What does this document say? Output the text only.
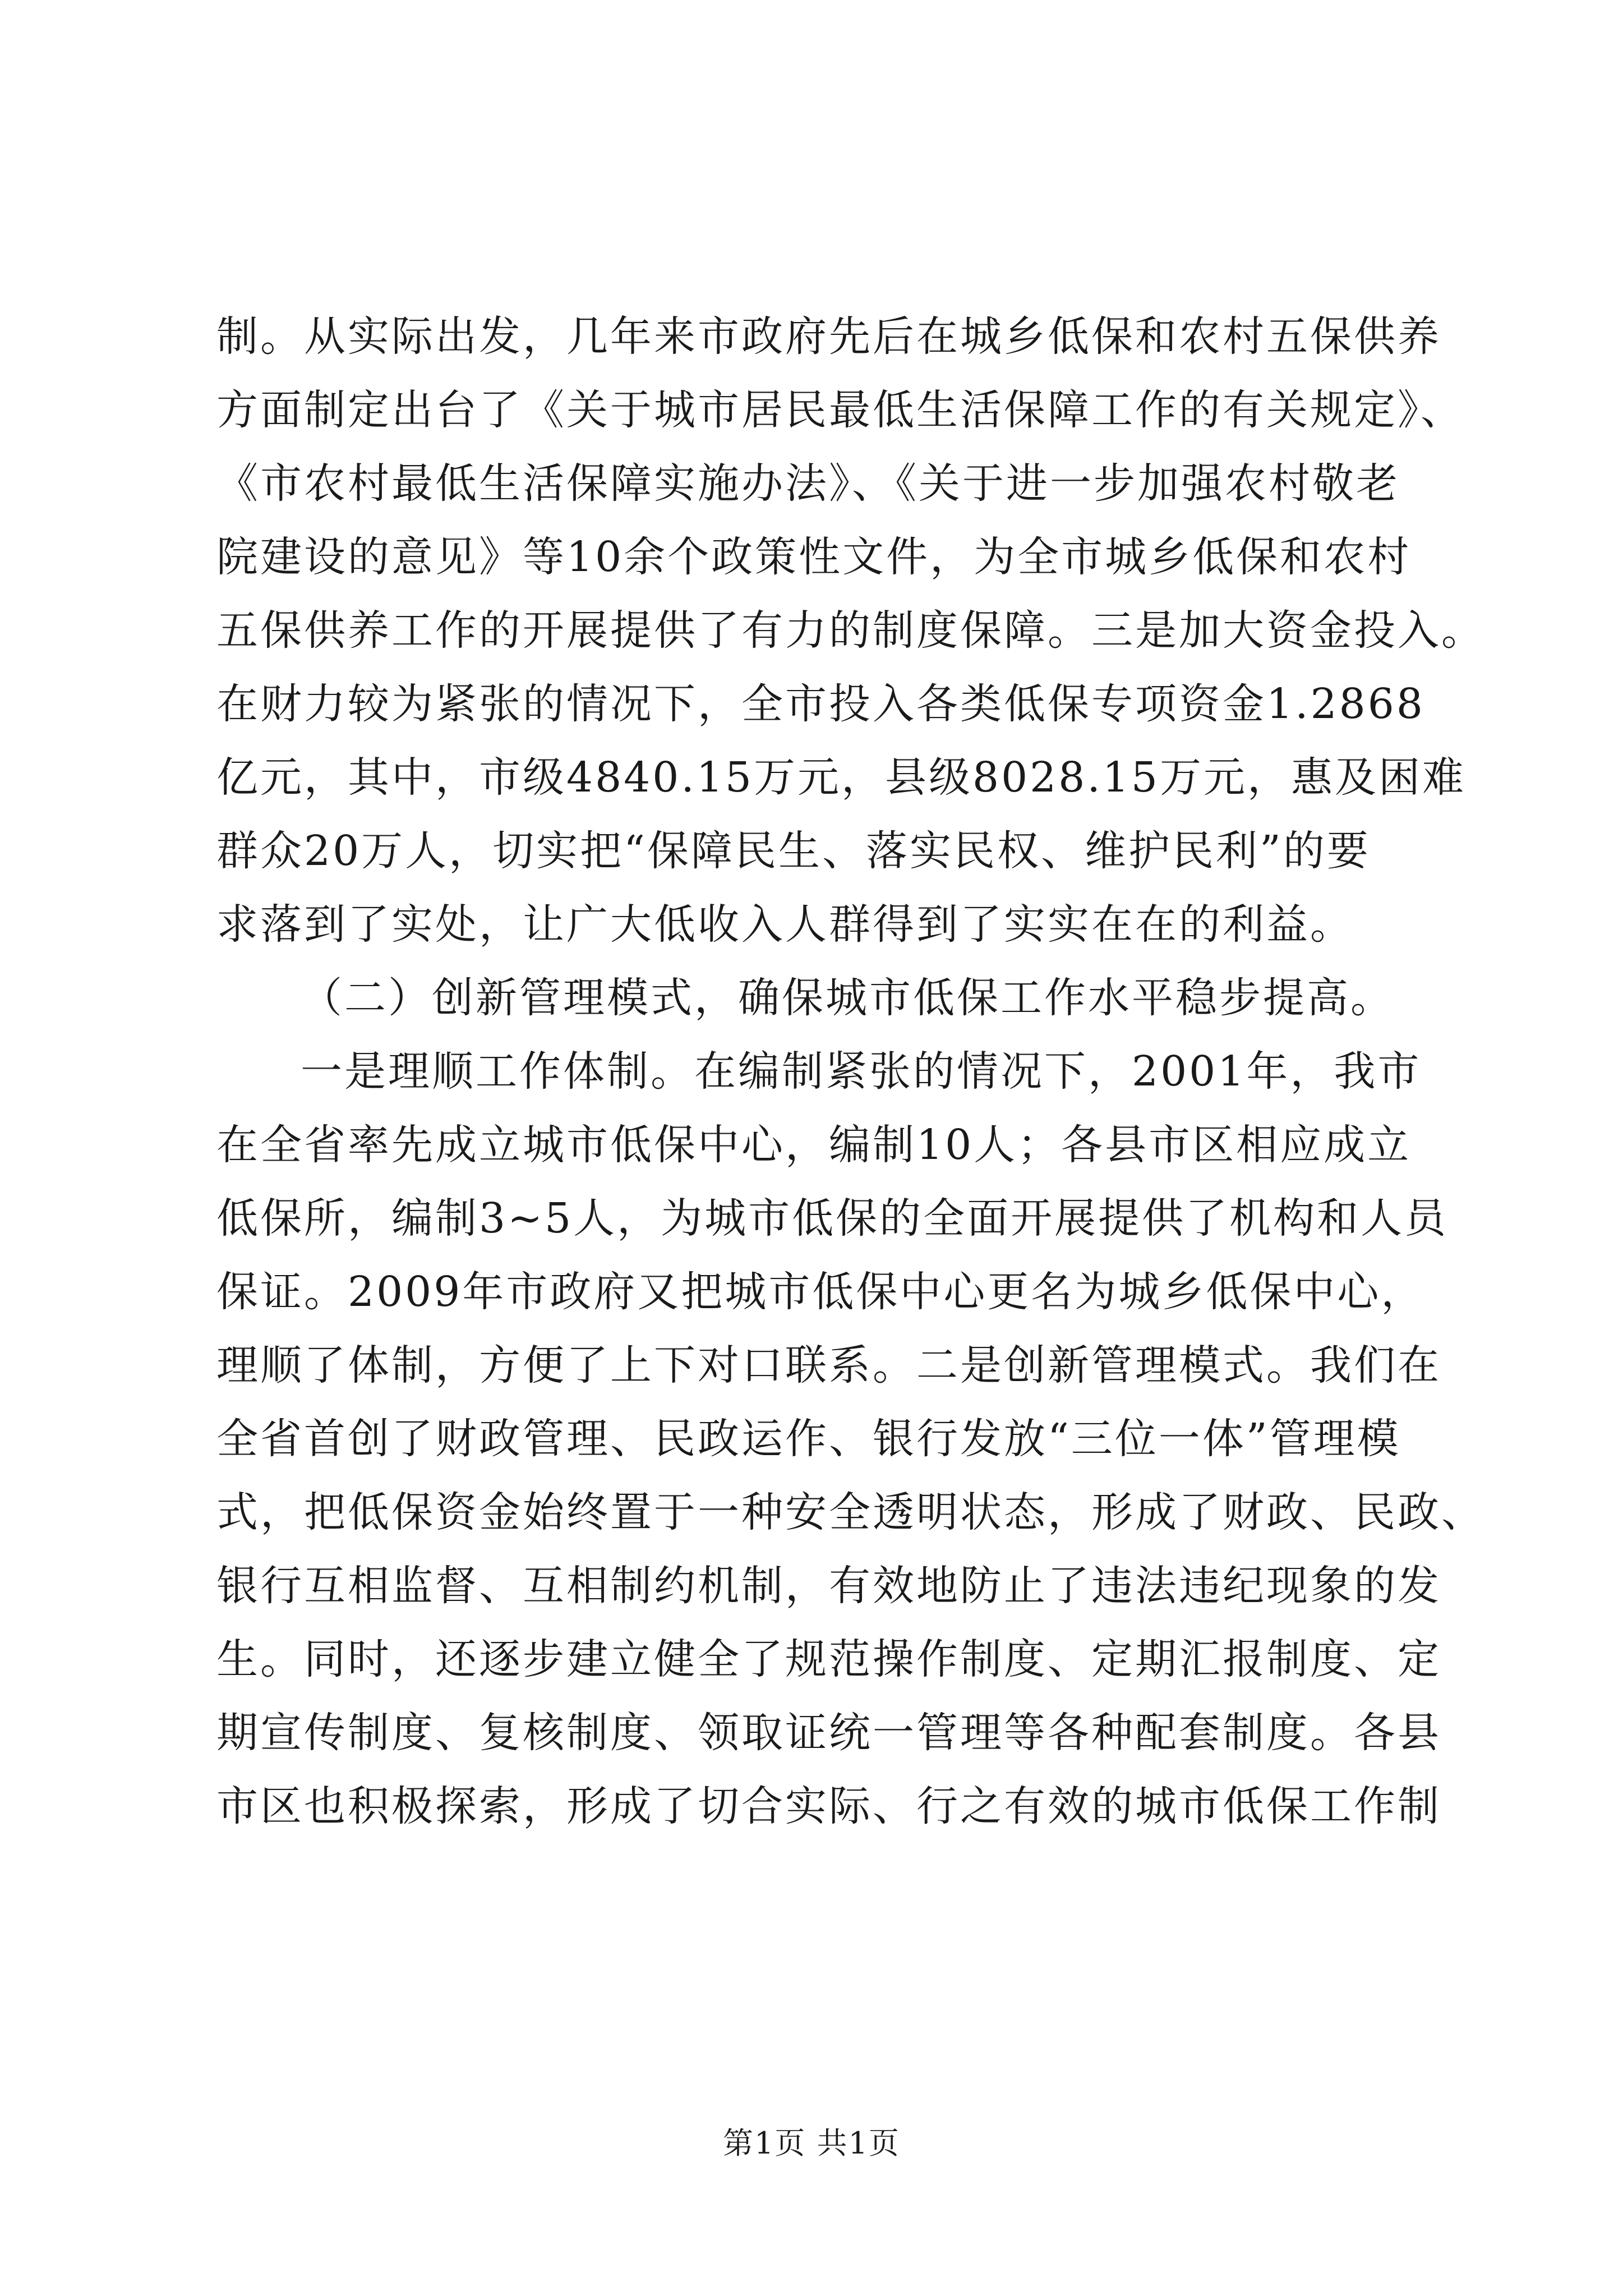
制。从实际出发，几年来市政府先后在城乡低保和农村五保供养
方面制定出台了《关于城市居民最低生活保障工作的有关规定》、
《市农村最低生活保障实施办法》、《关于进一步加强农村敬老
院建设的意见》等10余个政策性文件，为全市城乡低保和农村
五保供养工作的开展提供了有力的制度保障。三是加大资金投入。
在财力较为紧张的情况下，全市投入各类低保专项资金1.2868
亿元，其中，市级4840.15万元，县级8028.15万元，惠及困难
群众20万人，切实把“保障民生、落实民权、维护民利”的要
求落到了实处，让广大低收入人群得到了实实在在的利益。
（二）创新管理模式，确保城市低保工作水平稳步提高。
一是理顺工作体制。在编制紧张的情况下，2001年，我市
在全省率先成立城市低保中心，编制10人；各县市区相应成立
低保所，编制3~5人，为城市低保的全面开展提供了机构和人员
保证。2009年市政府又把城市低保中心更名为城乡低保中心，
理顺了体制，方便了上下对口联系。二是创新管理模式。我们在
全省首创了财政管理、民政运作、银行发放“三位一体”管理模
式，把低保资金始终置于一种安全透明状态，形成了财政、民政、
银行互相监督、互相制约机制，有效地防止了违法违纪现象的发
生。同时，还逐步建立健全了规范操作制度、定期汇报制度、定
期宣传制度、复核制度、领取证统一管理等各种配套制度。各县
市区也积极探索，形成了切合实际、行之有效的城市低保工作制
第1页 共1页
